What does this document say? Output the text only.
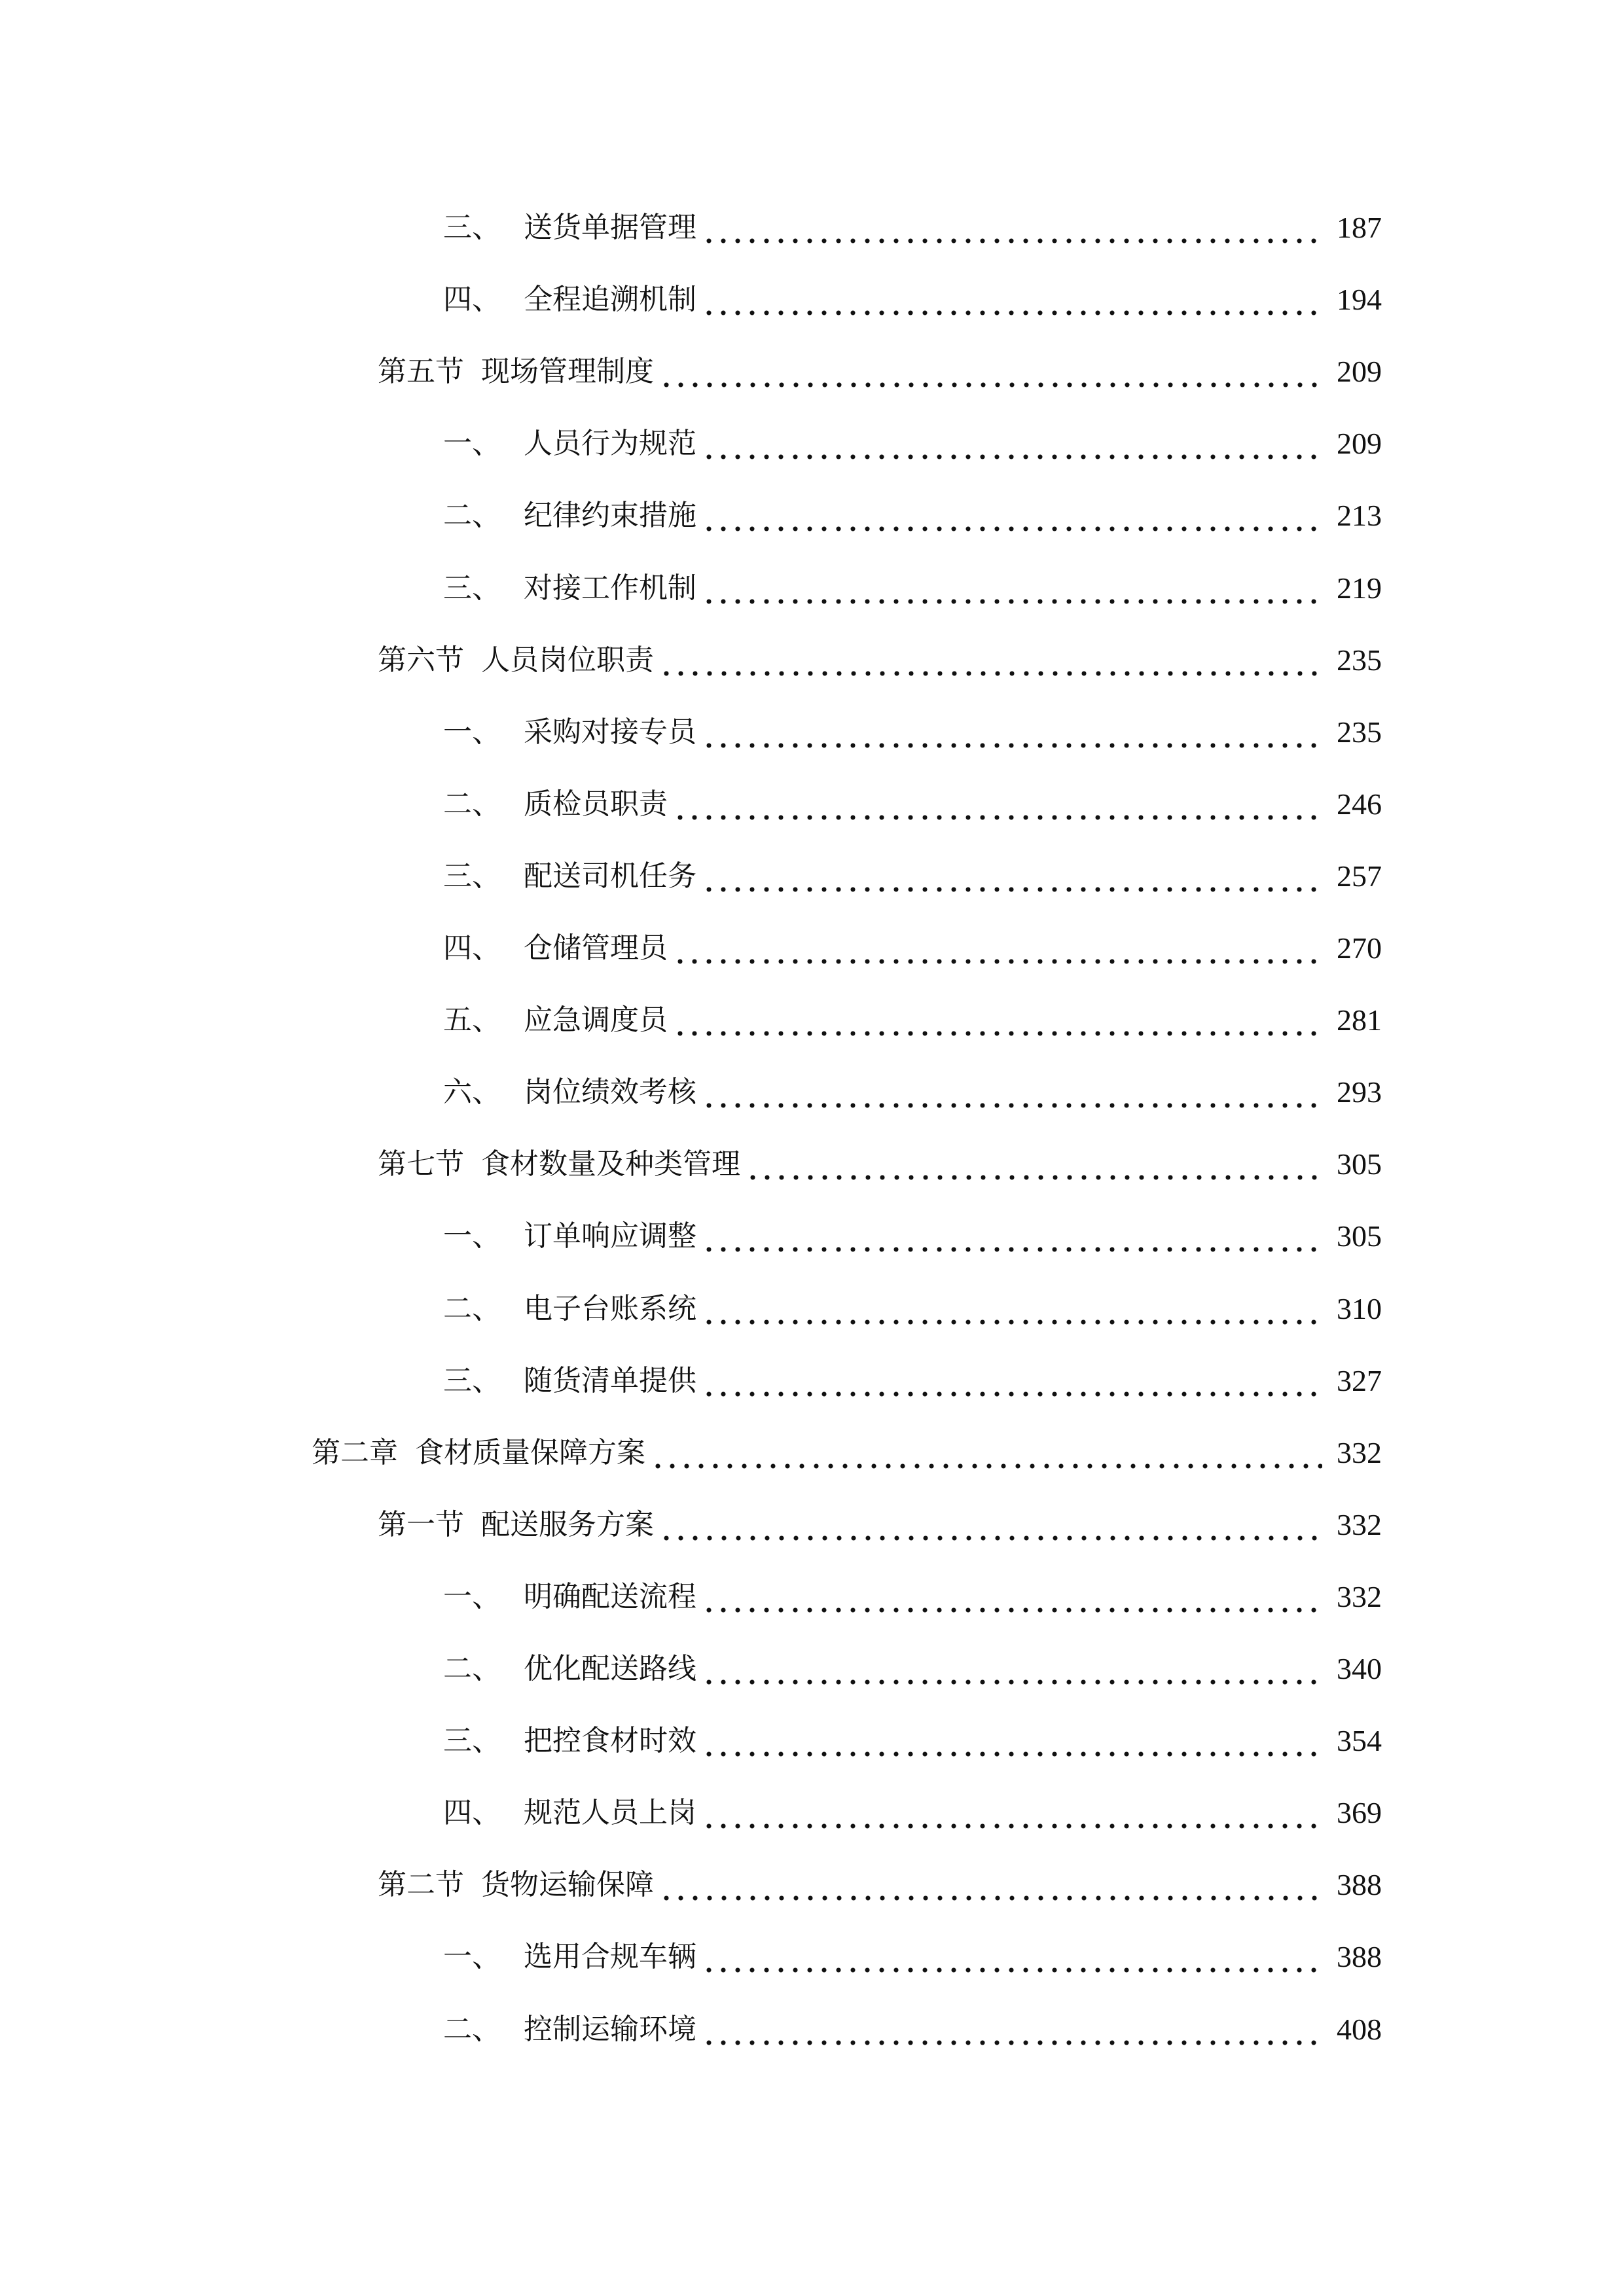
三、 送货单据管理	187
四、 全程追溯机制	194
第五节 现场管理制度	209
一、 人员行为规范	209
二、 纪律约束措施	213
三、 对接工作机制	219
第六节 人员岗位职责	235
一、 采购对接专员	235
二、 质检员职责	246
三、 配送司机任务	257
四、 仓储管理员	270
五、 应急调度员	281
六、 岗位绩效考核	293
第七节 食材数量及种类管理	305
一、 订单响应调整	305
二、 电子台账系统	310
三、 随货清单提供	327
第二章 食材质量保障方案	332
第一节 配送服务方案	332
一、 明确配送流程	332
二、 优化配送路线	340
三、 把控食材时效	354
四、 规范人员上岗	369
第二节 货物运输保障	388
一、 选用合规车辆	388
二、 控制运输环境	408
